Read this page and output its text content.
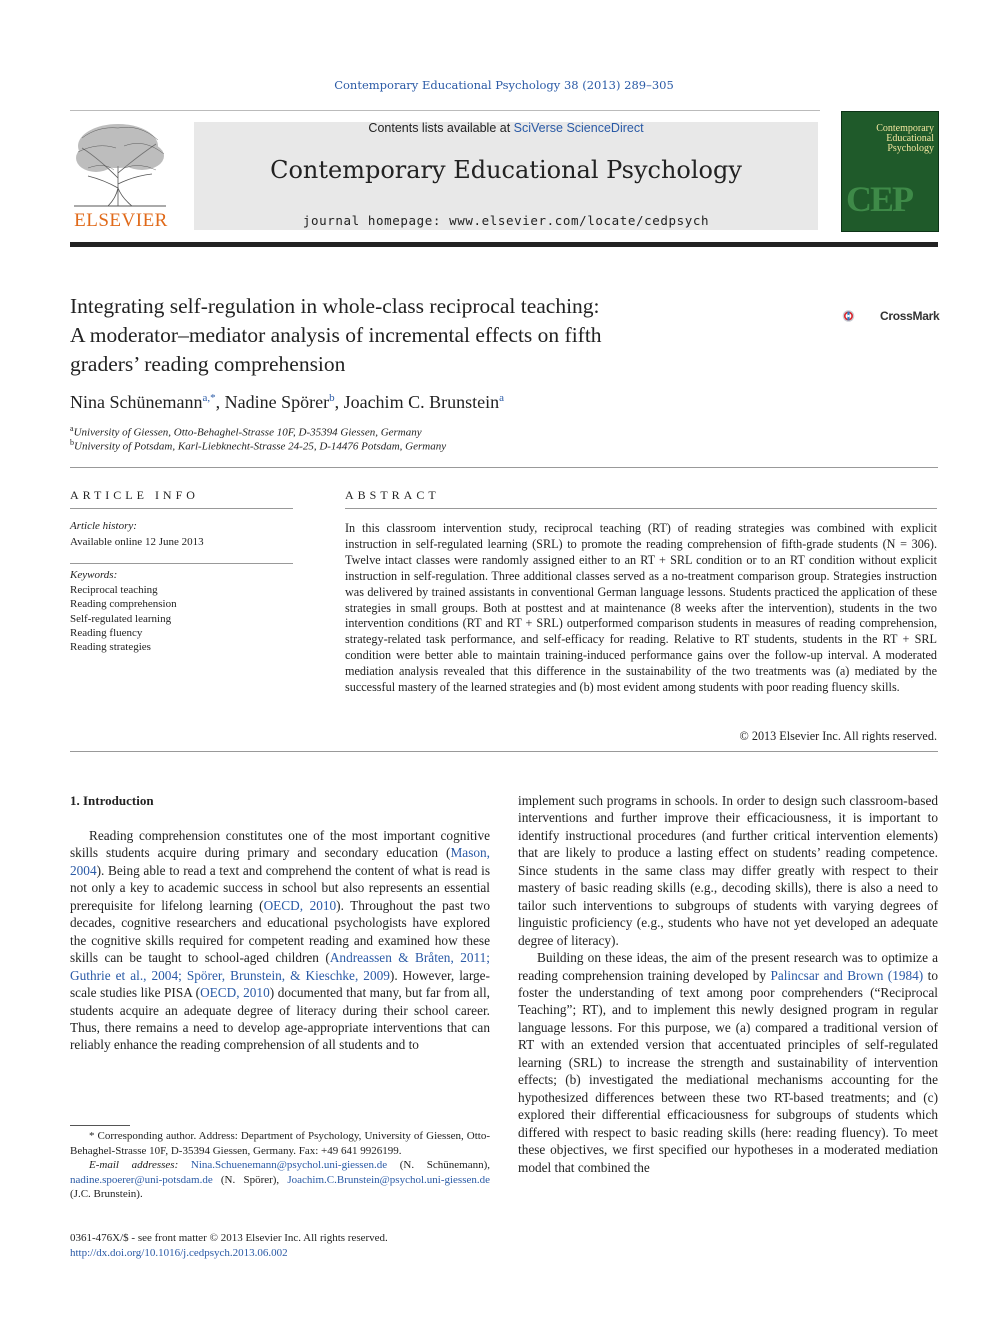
Contemporary Educational Psychology 38 (2013) 289–305
ELSEVIER
Contents lists available at SciVerse ScienceDirect
Contemporary Educational Psychology
journal homepage: www.elsevier.com/locate/cedpsych
Contemporary
Educational
Psychology
CEP
Integrating self-regulation in whole-class reciprocal teaching:
A moderator–mediator analysis of incremental effects on fifth
graders’ reading comprehension
CrossMark
Nina Schünemann$^{a,*}$, Nadine Spörer$^b$, Joachim C. Brunstein$^a$
$^a$University of Giessen, Otto-Behaghel-Strasse 10F, D-35394 Giessen, Germany
$^b$University of Potsdam, Karl-Liebknecht-Strasse 24-25, D-14476 Potsdam, Germany
ARTICLE INFO
Article history:
Available online 12 June 2013
Keywords:
Reciprocal teaching
Reading comprehension
Self-regulated learning
Reading fluency
Reading strategies
ABSTRACT
In this classroom intervention study, reciprocal teaching (RT) of reading strategies was combined with explicit instruction in self-regulated learning (SRL) to promote the reading comprehension of fifth-grade students (N = 306). Twelve intact classes were randomly assigned either to an RT + SRL condition or to an RT condition without explicit instruction in self-regulation. Three additional classes served as a no-treatment comparison group. Strategies instruction was delivered by trained assistants in conventional German language lessons. Students practiced the application of these strategies in small groups. Both at posttest and at maintenance (8 weeks after the intervention), students in the two intervention conditions (RT and RT + SRL) outperformed comparison students in measures of reading comprehension, strategy-related task performance, and self-efficacy for reading. Relative to RT students, students in the RT + SRL condition were better able to maintain training-induced performance gains over the follow-up interval. A moderated mediation analysis revealed that this difference in the sustainability of the two treatments was (a) mediated by the successful mastery of the learned strategies and (b) most evident among students with poor reading fluency skills.
© 2013 Elsevier Inc. All rights reserved.
1. Introduction

Reading comprehension constitutes one of the most important cognitive skills students acquire during primary and secondary education (Mason, 2004). Being able to read a text and comprehend the content of what is read is not only a key to academic success in school but also represents an essential prerequisite for lifelong learning (OECD, 2010). Throughout the past two decades, cognitive researchers and educational psychologists have explored the cognitive skills required for competent reading and examined how these skills can be taught to school-aged children (Andreassen & Bråten, 2011; Guthrie et al., 2004; Spörer, Brunstein, & Kieschke, 2009). However, large-scale studies like PISA (OECD, 2010) documented that many, but far from all, students acquire an adequate degree of literacy during their school career. Thus, there remains a need to develop age-appropriate interventions that can reliably enhance the reading comprehension of all students and to

implement such programs in schools. In order to design such classroom-based interventions and further improve their efficaciousness, it is important to identify instructional procedures (and further critical intervention elements) that are likely to produce a lasting effect on students’ reading competence. Since students in the same class may differ greatly with respect to their mastery of basic reading skills (e.g., decoding skills), there is also a need to tailor such interventions to subgroups of students with varying degrees of linguistic proficiency (e.g., students who have not yet developed an adequate degree of literacy).

Building on these ideas, the aim of the present research was to optimize a reading comprehension training developed by Palincsar and Brown (1984) to foster the understanding of text among poor comprehenders (“Reciprocal Teaching”; RT), and to implement this newly designed program in regular language lessons. For this purpose, we (a) compared a traditional version of RT with an extended version that accentuated principles of self-regulated learning (SRL) to increase the strength and sustainability of intervention effects; (b) investigated the mediational mechanisms accounting for the hypothesized differences between these two RT-based treatments; and (c) explored their differential efficaciousness for subgroups of students which differed with respect to basic reading skills (here: reading fluency). To meet these objectives, we first specified our hypotheses in a moderated mediation model that combined the

* Corresponding author. Address: Department of Psychology, University of Giessen, Otto-Behaghel-Strasse 10F, D-35394 Giessen, Germany. Fax: +49 641 9926199.

E-mail addresses: Nina.Schuenemann@psychol.uni-giessen.de (N. Schünemann), nadine.spoerer@uni-potsdam.de (N. Spörer), Joachim.C.Brunstein@psychol.uni-giessen.de (J.C. Brunstein).

0361-476X/$ - see front matter © 2013 Elsevier Inc. All rights reserved.
http://dx.doi.org/10.1016/j.cedpsych.2013.06.002
